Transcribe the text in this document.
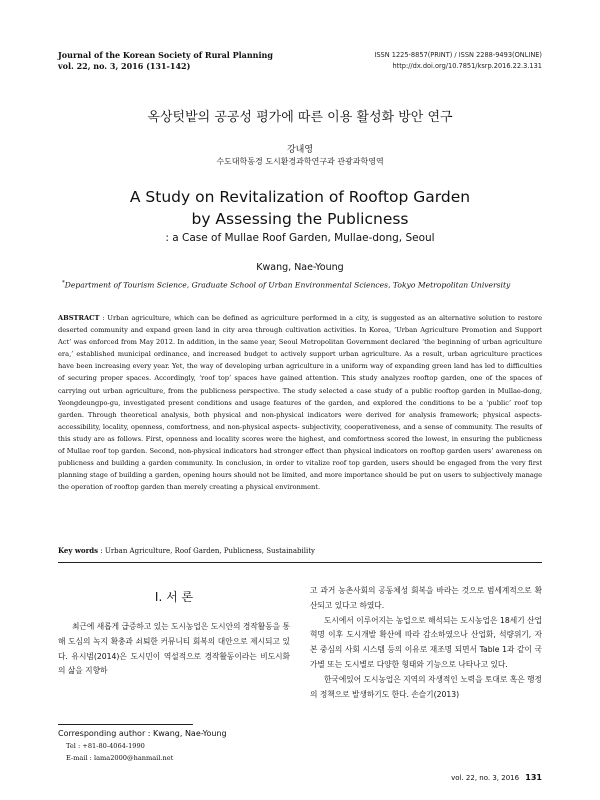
Journal of the Korean Society of Rural Planning
vol. 22, no. 3, 2016 (131-142)
ISSN 1225-8857(PRINT) / ISSN 2288-9493(ONLINE)
http://dx.doi.org/10.7851/ksrp.2016.22.3.131
옥상텃밭의 공공성 평가에 따른 이용 활성화 방안 연구
강내영
수도대학동경 도시환경과학연구과 관광과학영역
A Study on Revitalization of Rooftop Garden
by Assessing the Publicness
: a Case of Mullae Roof Garden, Mullae-dong, Seoul
Kwang, Nae-Young
*Department of Tourism Science, Graduate School of Urban Environmental Sciences, Tokyo Metropolitan University
ABSTRACT : Urban agriculture, which can be defined as agriculture performed in a city, is suggested as an alternative solution to restore deserted community and expand green land in city area through cultivation activities. In Korea, ‘Urban Agriculture Promotion and Support Act’ was enforced from May 2012. In addition, in the same year, Seoul Metropolitan Government declared ‘the beginning of urban agriculture era,’ established municipal ordinance, and increased budget to actively support urban agriculture. As a result, urban agriculture practices have been increasing every year. Yet, the way of developing urban agriculture in a uniform way of expanding green land has led to difficulties of securing proper spaces. Accordingly, ‘roof top’ spaces have gained attention. This study analyzes rooftop garden, one of the spaces of carrying out urban agriculture, from the publicness perspective. The study selected a case study of a public rooftop garden in Mullae-dong, Yeongdeungpo-gu, investigated present conditions and usage features of the garden, and explored the conditions to be a ‘public’ roof top garden. Through theoretical analysis, both physical and non-physical indicators were derived for analysis framework; physical aspects- accessibility, locality, openness, comfortness, and non-physical aspects- subjectivity, cooperativeness, and a sense of community. The results of this study are as follows. First, openness and locality scores were the highest, and comfortness scored the lowest, in ensuring the publicness of Mullae roof top garden. Second, non-physical indicators had stronger effect than physical indicators on rooftop garden users’ awareness on publicness and building a garden community. In conclusion, in order to vitalize roof top garden, users should be engaged from the very first planning stage of building a garden, opening hours should not be limited, and more importance should be put on users to subjectively manage the operation of rooftop garden than merely creating a physical environment.
Key words : Urban Agriculture, Roof Garden, Publicness, Sustainability
I. 서 론

최근에 새롭게 급증하고 있는 도시농업은 도시안의 경작활동을 통해 도심의 녹지 확충과 쇠퇴한 커뮤니티 회복의 대안으로 제시되고 있다. 유시범(2014)은 도시민이 역설적으로 경작활동이라는 비도시화의 삶을 지향하

고 과거 농촌사회의 공동체성 회복을 바라는 것으로 범세계적으로 확산되고 있다고 하였다.

도시에서 이루어지는 농업으로 해석되는 도시농업은 18세기 산업혁명 이후 도시개발 확산에 따라 감소하였으나 산업화, 석량위기, 자본 중심의 사회 시스템 등의 이유로 재조명 되면서 Table 1과 같이 국가별 또는 도시별로 다양한 형태와 기능으로 나타나고 있다.

한국에있어 도시농업은 지역의 자생적인 노력을 토대로 혹은 행정의 정책으로 발생하기도 한다. 손슬기(2013)

Corresponding author : Kwang, Nae-Young
Tel : +81-80-4064-1990
E-mail : lama2000@hanmail.net
vol. 22, no. 3, 2016 131
